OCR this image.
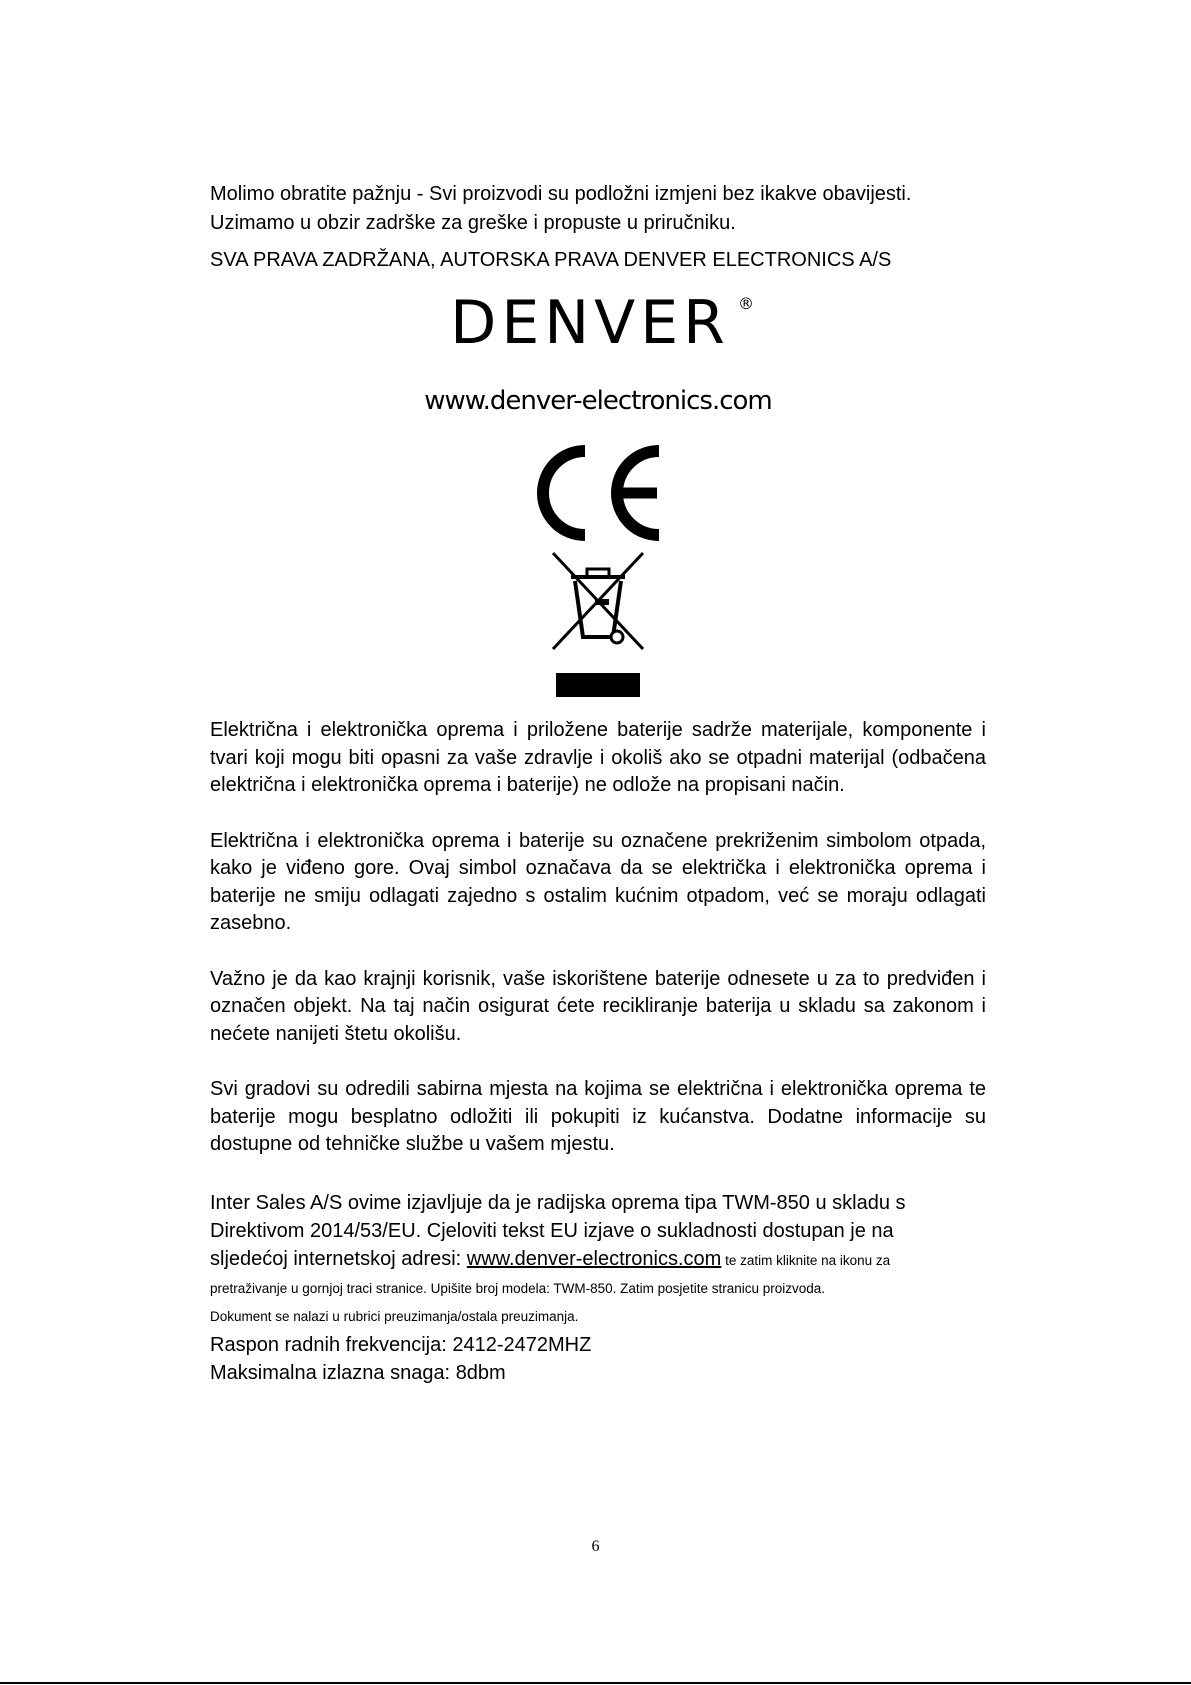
Molimo obratite pažnju - Svi proizvodi su podložni izmjeni bez ikakve obavijesti.
Uzimamo u obzir zadrške za greške i propuste u priručniku.

SVA PRAVA ZADRŽANA, AUTORSKA PRAVA DENVER ELECTRONICS A/S

DENVER ®
www.denver-electronics.com

Električna i elektronička oprema i priložene baterije sadrže materijale, komponente i tvari koji mogu biti opasni za vaše zdravlje i okoliš ako se otpadni materijal (odbačena električna i elektronička oprema i baterije) ne odlože na propisani način.

Električna i elektronička oprema i baterije su označene prekriženim simbolom otpada, kako je viđeno gore. Ovaj simbol označava da se električka i elektronička oprema i baterije ne smiju odlagati zajedno s ostalim kućnim otpadom, već se moraju odlagati zasebno.

Važno je da kao krajnji korisnik, vaše iskorištene baterije odnesete u za to predviđen i označen objekt. Na taj način osigurat ćete recikliranje baterija u skladu sa zakonom i nećete nanijeti štetu okolišu.

Svi gradovi su odredili sabirna mjesta na kojima se električna i elektronička oprema te baterije mogu besplatno odložiti ili pokupiti iz kućanstva. Dodatne informacije su dostupne od tehničke službe u vašem mjestu.

Inter Sales A/S ovime izjavljuje da je radijska oprema tipa TWM-850 u skladu s
Direktivom 2014/53/EU. Cjeloviti tekst EU izjave o sukladnosti dostupan je na
sljedećoj internetskoj adresi: www.denver-electronics.com te zatim kliknite na ikonu za
pretraživanje u gornjoj traci stranice. Upišite broj modela: TWM-850. Zatim posjetite stranicu proizvoda.
Dokument se nalazi u rubrici preuzimanja/ostala preuzimanja.

Raspon radnih frekvencija: 2412-2472MHZ

Maksimalna izlazna snaga: 8dbm

6
